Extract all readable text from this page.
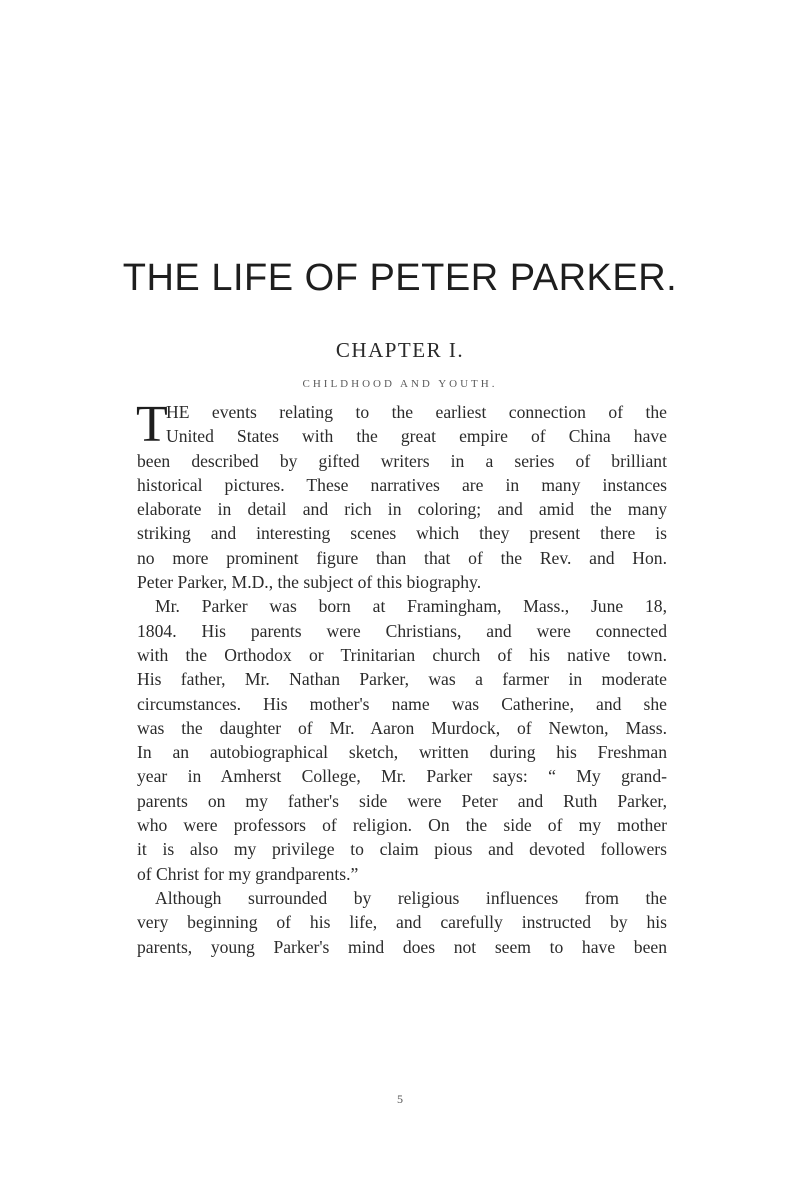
THE LIFE OF PETER PARKER.
CHAPTER I.
CHILDHOOD AND YOUTH.
T
HE events relating to the earliest connection of the
United States with the great empire of China have
been described by gifted writers in a series of brilliant
historical pictures. These narratives are in many instances
elaborate in detail and rich in coloring; and amid the many
striking and interesting scenes which they present there is
no more prominent figure than that of the Rev. and Hon.
Peter Parker, M.D., the subject of this biography.
Mr. Parker was born at Framingham, Mass., June 18,
1804. His parents were Christians, and were connected
with the Orthodox or Trinitarian church of his native town.
His father, Mr. Nathan Parker, was a farmer in moderate
circumstances. His mother's name was Catherine, and she
was the daughter of Mr. Aaron Murdock, of Newton, Mass.
In an autobiographical sketch, written during his Freshman
year in Amherst College, Mr. Parker says: “ My grand-
parents on my father's side were Peter and Ruth Parker,
who were professors of religion. On the side of my mother
it is also my privilege to claim pious and devoted followers
of Christ for my grandparents.”
Although surrounded by religious influences from the
very beginning of his life, and carefully instructed by his
parents, young Parker's mind does not seem to have been
5
